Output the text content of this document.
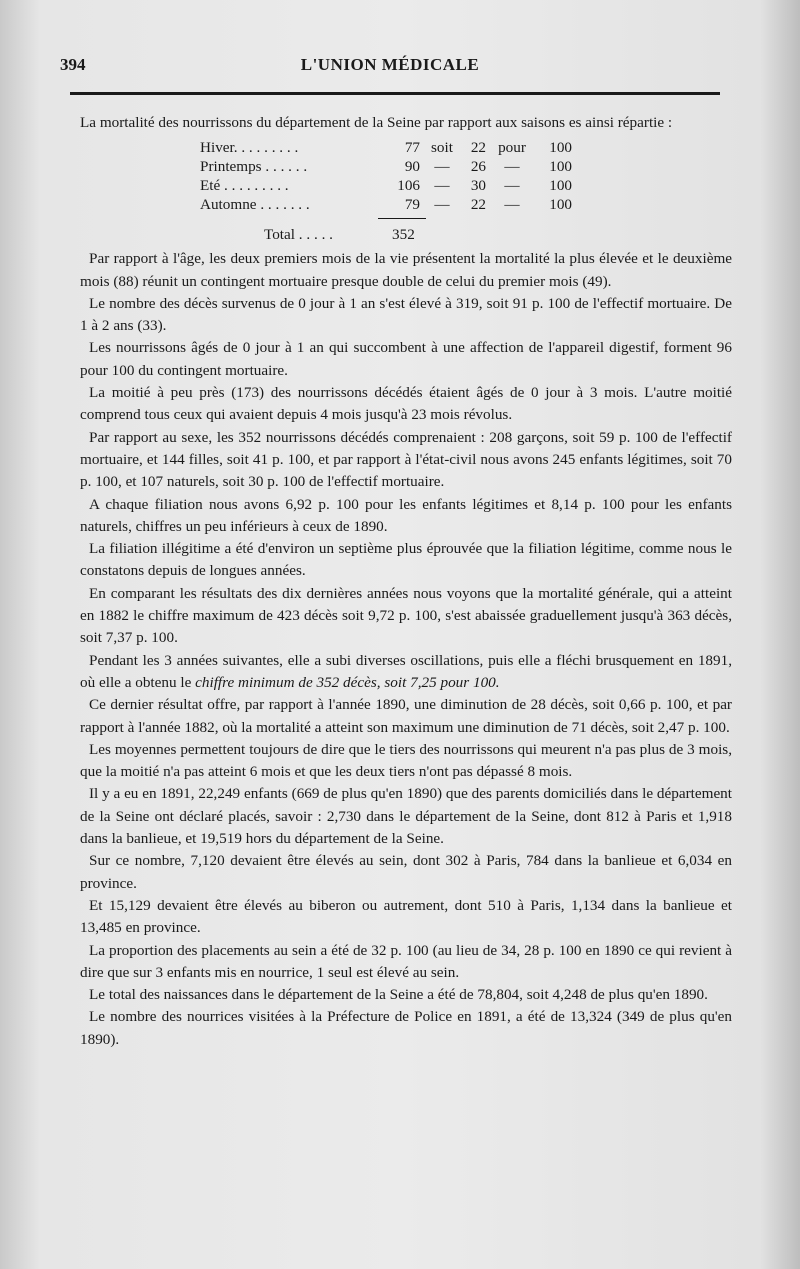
394	L'UNION MÉDICALE

La mortalité des nourrissons du département de la Seine par rapport aux saisons es ainsi répartie :

Hiver. . . . . . . . .	77 soit	22 pour	100
Printemps . . . . . .	90 —	26	—	100
Eté . . . . . . . . .	106 —	30	—	100
Automne . . . . . . .	79 —	22	—	100
Total . . . . .	352

Par rapport à l'âge, les deux premiers mois de la vie présentent la mortalité la plus élevée et le deuxième mois (88) réunit un contingent mortuaire presque double de celui du premier mois (49).

Le nombre des décès survenus de 0 jour à 1 an s'est élevé à 319, soit 91 p. 100 de l'effectif mortuaire. De 1 à 2 ans (33).

Les nourrissons âgés de 0 jour à 1 an qui succombent à une affection de l'appareil digestif, forment 96 pour 100 du contingent mortuaire.

La moitié à peu près (173) des nourrissons décédés étaient âgés de 0 jour à 3 mois. L'autre moitié comprend tous ceux qui avaient depuis 4 mois jusqu'à 23 mois révolus.

Par rapport au sexe, les 352 nourrissons décédés comprenaient : 208 garçons, soit 59 p. 100 de l'effectif mortuaire, et 144 filles, soit 41 p. 100, et par rapport à l'état-civil nous avons 245 enfants légitimes, soit 70 p. 100, et 107 naturels, soit 30 p. 100 de l'effectif mortuaire.

A chaque filiation nous avons 6,92 p. 100 pour les enfants légitimes et 8,14 p. 100 pour les enfants naturels, chiffres un peu inférieurs à ceux de 1890.

La filiation illégitime a été d'environ un septième plus éprouvée que la filiation légitime, comme nous le constatons depuis de longues années.

En comparant les résultats des dix dernières années nous voyons que la mortalité générale, qui a atteint en 1882 le chiffre maximum de 423 décès soit 9,72 p. 100, s'est abaissée graduellement jusqu'à 363 décès, soit 7,37 p. 100.

Pendant les 3 années suivantes, elle a subi diverses oscillations, puis elle a fléchi brusquement en 1891, où elle a obtenu le chiffre minimum de 352 décès, soit 7,25 pour 100.

Ce dernier résultat offre, par rapport à l'année 1890, une diminution de 28 décès, soit 0,66 p. 100, et par rapport à l'année 1882, où la mortalité a atteint son maximum une diminution de 71 décès, soit 2,47 p. 100.

Les moyennes permettent toujours de dire que le tiers des nourrissons qui meurent n'a pas plus de 3 mois, que la moitié n'a pas atteint 6 mois et que les deux tiers n'ont pas dépassé 8 mois.

Il y a eu en 1891, 22,249 enfants (669 de plus qu'en 1890) que des parents domiciliés dans le département de la Seine ont déclaré placés, savoir : 2,730 dans le département de la Seine, dont 812 à Paris et 1,918 dans la banlieue, et 19,519 hors du département de la Seine.

Sur ce nombre, 7,120 devaient être élevés au sein, dont 302 à Paris, 784 dans la banlieue et 6,034 en province.

Et 15,129 devaient être élevés au biberon ou autrement, dont 510 à Paris, 1,134 dans la banlieue et 13,485 en province.

La proportion des placements au sein a été de 32 p. 100 (au lieu de 34, 28 p. 100 en 1890 ce qui revient à dire que sur 3 enfants mis en nourrice, 1 seul est élevé au sein.

Le total des naissances dans le département de la Seine a été de 78,804, soit 4,248 de plus qu'en 1890.

Le nombre des nourrices visitées à la Préfecture de Police en 1891, a été de 13,324 (349 de plus qu'en 1890).
